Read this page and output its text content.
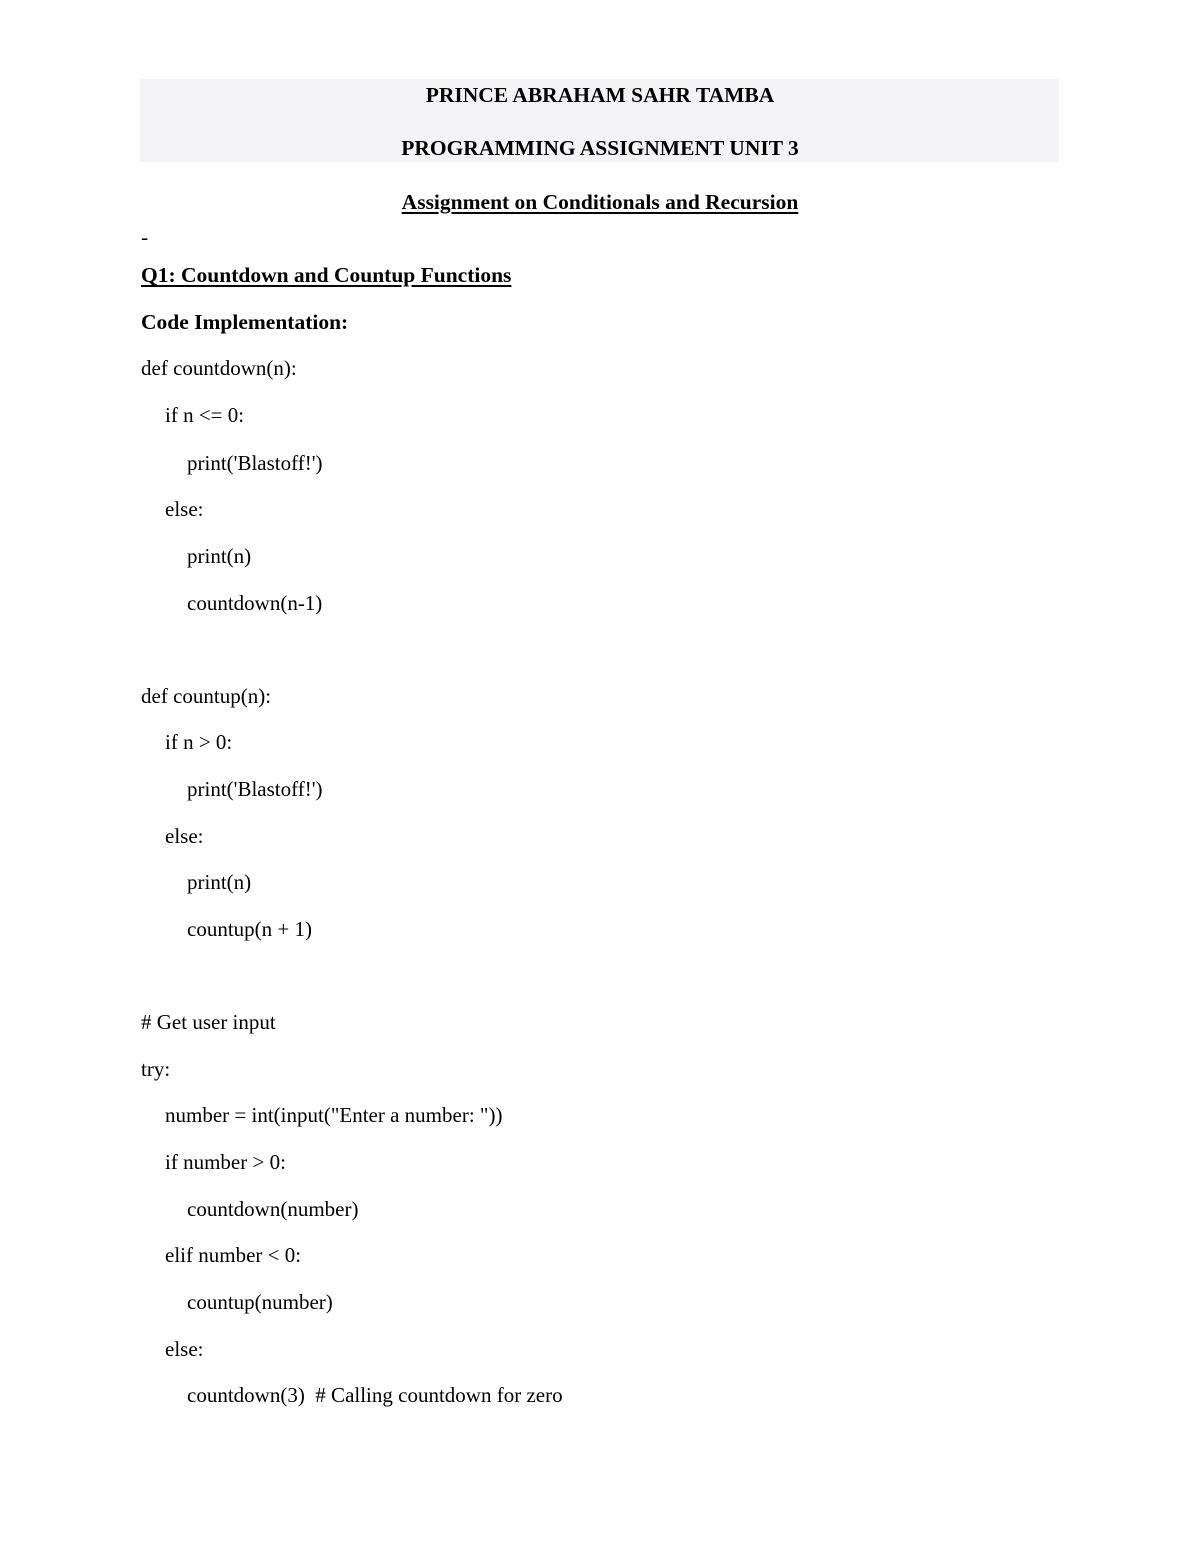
PRINCE ABRAHAM SAHR TAMBA
PROGRAMMING ASSIGNMENT UNIT 3
Assignment on Conditionals and Recursion
-
Q1: Countdown and Countup Functions
Code Implementation:
def countdown(n):
if n <= 0:
print('Blastoff!')
else:
print(n)
countdown(n-1)
def countup(n):
if n > 0:
print('Blastoff!')
else:
print(n)
countup(n + 1)
# Get user input
try:
number = int(input("Enter a number: "))
if number > 0:
countdown(number)
elif number < 0:
countup(number)
else:
countdown(3)  # Calling countdown for zero
